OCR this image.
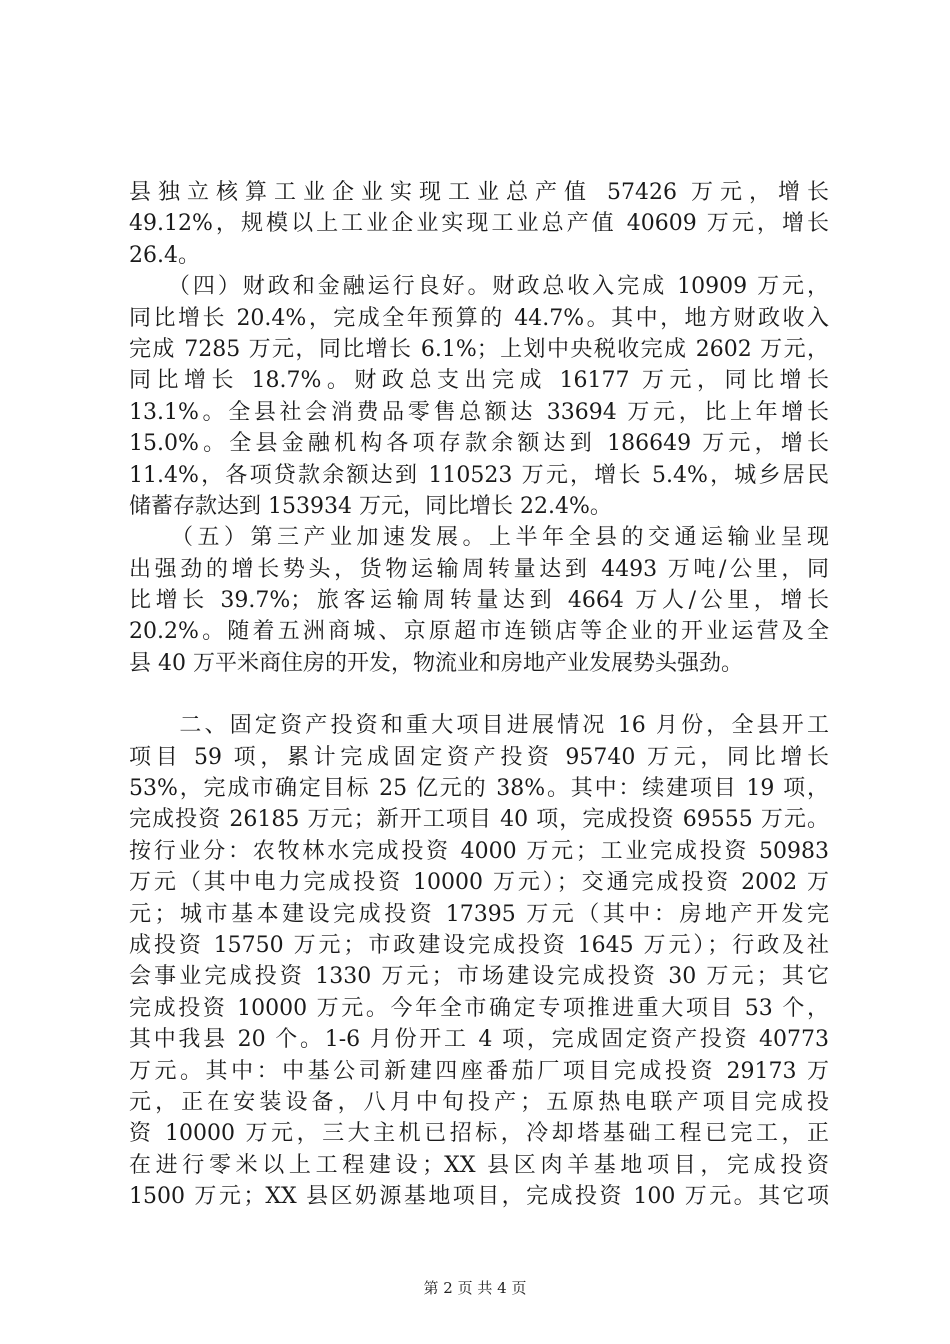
县独立核算工业企业实现工业总产值 57426 万元，增长
49.12%，规模以上工业企业实现工业总产值 40609 万元，增长
26.4。
　　（四）财政和金融运行良好。财政总收入完成 10909 万元，
同比增长 20.4%，完成全年预算的 44.7%。其中，地方财政收入
完成 7285 万元，同比增长 6.1%；上划中央税收完成 2602 万元，
同比增长 18.7%。财政总支出完成 16177 万元，同比增长
13.1%。全县社会消费品零售总额达 33694 万元，比上年增长
15.0%。全县金融机构各项存款余额达到 186649 万元，增长
11.4%，各项贷款余额达到 110523 万元，增长 5.4%，城乡居民
储蓄存款达到 153934 万元，同比增长 22.4%。
　　（五）第三产业加速发展。上半年全县的交通运输业呈现
出强劲的增长势头，货物运输周转量达到 4493 万吨/公里，同
比增长 39.7%；旅客运输周转量达到 4664 万人/公里，增长
20.2%。随着五洲商城、京原超市连锁店等企业的开业运营及全
县 40 万平米商住房的开发，物流业和房地产业发展势头强劲。
　　二、固定资产投资和重大项目进展情况 16 月份，全县开工
项目 59 项，累计完成固定资产投资 95740 万元，同比增长
53%，完成市确定目标 25 亿元的 38%。其中：续建项目 19 项，
完成投资 26185 万元；新开工项目 40 项，完成投资 69555 万元。
按行业分：农牧林水完成投资 4000 万元；工业完成投资 50983
万元（其中电力完成投资 10000 万元）；交通完成投资 2002 万
元；城市基本建设完成投资 17395 万元（其中：房地产开发完
成投资 15750 万元；市政建设完成投资 1645 万元）；行政及社
会事业完成投资 1330 万元；市场建设完成投资 30 万元；其它
完成投资 10000 万元。今年全市确定专项推进重大项目 53 个，
其中我县 20 个。1-6 月份开工 4 项，完成固定资产投资 40773
万元。其中：中基公司新建四座番茄厂项目完成投资 29173 万
元，正在安装设备，八月中旬投产；五原热电联产项目完成投
资 10000 万元，三大主机已招标，冷却塔基础工程已完工，正
在进行零米以上工程建设；XX 县区肉羊基地项目，完成投资
1500 万元；XX 县区奶源基地项目，完成投资 100 万元。其它项
第 2 页 共 4 页
